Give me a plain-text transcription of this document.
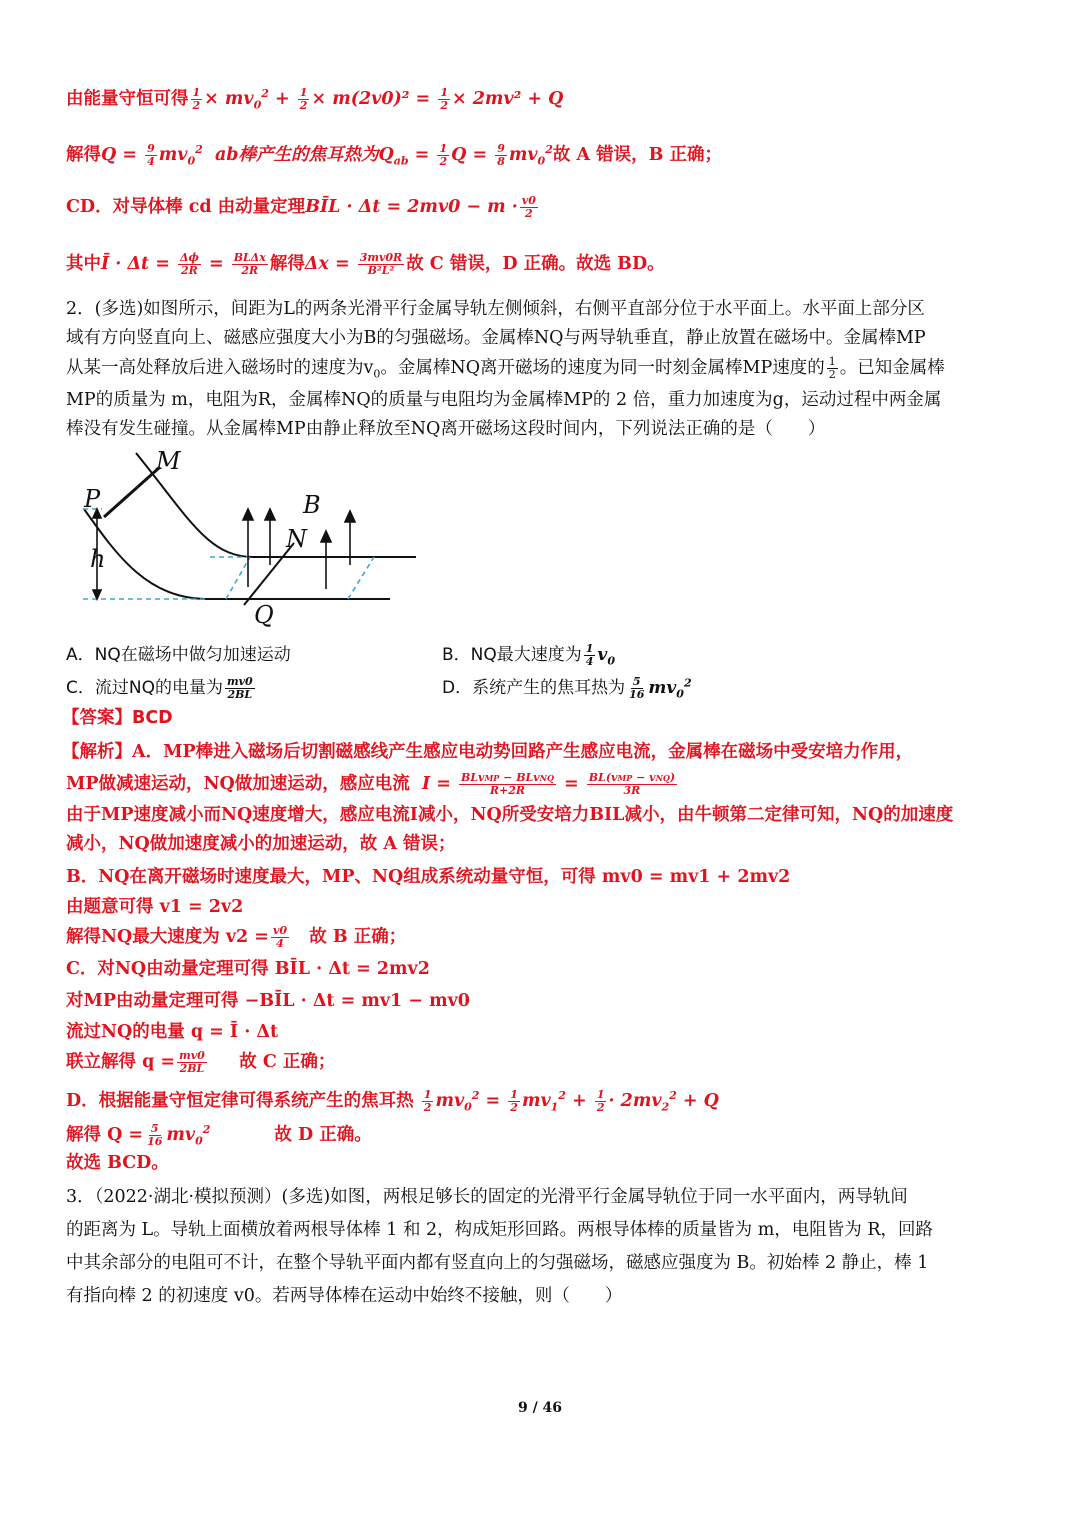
由能量守恒可得 $\frac{1}{2} \times mv_0^2 + \frac{1}{2} \times m(2v0)^2 = \frac{1}{2} \times 2mv^2 + Q$
解得$Q = \frac{9}{4} mv_0^2$ ab棒产生的焦耳热为$Q_{ab} = \frac{1}{2}$ $Q = \frac{9}{8} mv_0^2$故 A 错误，B 正确；
CD．对导体棒 cd 由动量定理BĪL · $\Delta t = 2mv0 - m \cdot \frac{v0}{2}$
其中Ī · $\Delta t = \frac{\Delta\phi}{2R} = \frac{\text{BLΔx}}{2R}$ 解得$\Delta x = \frac{3mv0R}{\text{B²L²}}$ 故 C 错误，D 正确。故选 BD。
2．(多选)如图所示，间距为L的两条光滑平行金属导轨左侧倾斜，右侧平直部分位于水平面上。水平面上部分区
域有方向竖直向上、磁感应强度大小为B的匀强磁场。金属棒NQ与两导轨垂直，静止放置在磁场中。金属棒MP
从某一高处释放后进入磁场时的速度为$v_0$。金属棒NQ离开磁场的速度为同一时刻金属棒MP速度的 $\frac{1}{2}$ 。已知金属棒
MP的质量为 m，电阻为R，金属棒NQ的质量与电阻均为金属棒MP的 2 倍，重力加速度为g，运动过程中两金属
棒没有发生碰撞。从金属棒MP由静止释放至NQ离开磁场这段时间内，下列说法正确的是（　　）
M
P	B
N
Q
h
A．NQ在磁场中做匀加速运动	B．NQ最大速度为 $\frac{1}{4} v_0$
C．流过NQ的电量为 $\frac{mv0}{2BL}$	D．系统产生的焦耳热为 $\frac{5}{16} mv_0^2$
【答案】BCD
【解析】A．MP棒进入磁场后切割磁感线产生感应电动势回路产生感应电流，金属棒在磁场中受安培力作用，
MP做减速运动，NQ做加速运动，感应电流 $I = \frac{\text{BLvMP − BLvNQ}}{R+2R} = \frac{\text{BL(vMP − vNQ)}}{3R}$
由于MP速度减小而NQ速度增大，感应电流I减小，NQ所受安培力BIL减小，由牛顿第二定律可知，NQ的加速度
减小，NQ做加速度减小的加速运动，故 A 错误；
B．NQ在离开磁场时速度最大，MP、NQ组成系统动量守恒，可得 mv0 = mv1 + 2mv2
由题意可得 v1 = 2v2
解得NQ最大速度为 $v2 = \frac{v0}{4}$ 故 B 正确；
C．对NQ由动量定理可得 BĪL · Δt = 2mv2
对MP由动量定理可得 −BĪL · Δt = mv1 − mv0
流过NQ的电量 q = Ī · Δt
联立解得 $q = \frac{mv0}{2BL}$ 故 C 正确；
D．根据能量守恒定律可得系统产生的焦耳热 $\frac{1}{2} mv_0^2 = \frac{1}{2} mv_1^2 + \frac{1}{2} \cdot 2mv_2^2 + Q$
解得 $Q = \frac{5}{16} mv_0^2$	故 D 正确。
故选 BCD。
3．（2022·湖北·模拟预测）(多选)如图，两根足够长的固定的光滑平行金属导轨位于同一水平面内，两导轨间
的距离为 L。导轨上面横放着两根导体棒 1 和 2，构成矩形回路。两根导体棒的质量皆为 m，电阻皆为 R，回路
中其余部分的电阻可不计，在整个导轨平面内都有竖直向上的匀强磁场，磁感应强度为 B。初始棒 2 静止，棒 1
有指向棒 2 的初速度 v0。若两导体棒在运动中始终不接触，则（　　）
9 / 46
